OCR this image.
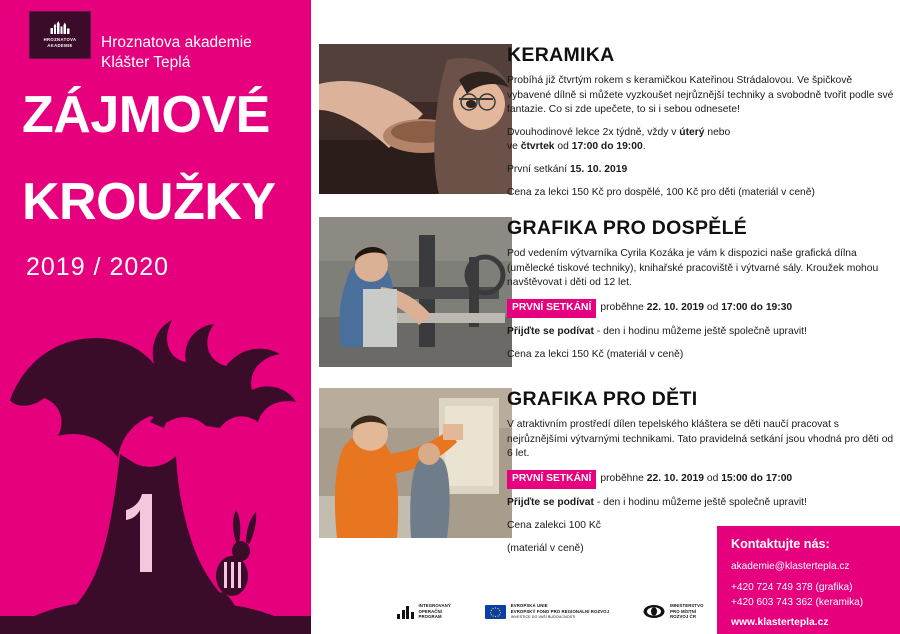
HROZNATOVA
AKADEMIE Hroznatova akademie
Klášter Teplá
ZÁJMOVÉ
KROUŽKY
2019 / 2020
KERAMIKA

Probíhá již čtvrtým rokem s keramičkou Kateřinou Strádalovou. Ve špičkově vybavené dílně si můžete vyzkoušet nejrůznější techniky a svobodně tvořit podle své fantazie. Co si zde upečete, to si i sebou odnesete!

Dvouhodinové lekce 2x týdně, vždy v úterý nebo
ve čtvrtek od 17:00 do 19:00.

První setkání 15. 10. 2019

Cena za lekci 150 Kč pro dospělé, 100 Kč pro děti (materiál v ceně)

GRAFIKA PRO DOSPĚLÉ

Pod vedením výtvarníka Cyrila Kozáka je vám k dispozici naše grafická dílna (umělecké tiskové techniky), knihařské pracoviště i výtvarné sály. Kroužek mohou navštěvovat i děti od 12 let.

PRVNÍ SETKÁNÍ proběhne 22. 10. 2019 od 17:00 do 19:30

Přijďte se podívat - den i hodinu můžeme ještě společně upravit!

Cena za lekci 150 Kč (materiál v ceně)

GRAFIKA PRO DĚTI

V atraktivním prostředí dílen tepelského kláštera se děti naučí pracovat s nejrůznějšími výtvarnými technikami. Tato pravidelná setkání jsou vhodná pro děti od 6 let.

PRVNÍ SETKÁNÍ proběhne 22. 10. 2019 od 15:00 do 17:00

Přijďte se podívat - den i hodinu můžeme ještě společně upravit!

Cena zalekci 100 Kč

(materiál v ceně)	Kontaktujte nás:

akademie@klastertepla.cz

+420 724 749 378 (grafika)

+420 603 743 362 (keramika)

www.klastertepla.cz

INTEGROVANÝ
OPERAČNÍ
PROGRAM
EVROPSKÁ UNIE
EVROPSKÝ FOND PRO REGIONÁLNÍ ROZVOJ
INVESTICE DO VAŠÍ BUDOUCNOSTI
MINISTERSTVO
PRO MÍSTNÍ
ROZVOJ ČR
